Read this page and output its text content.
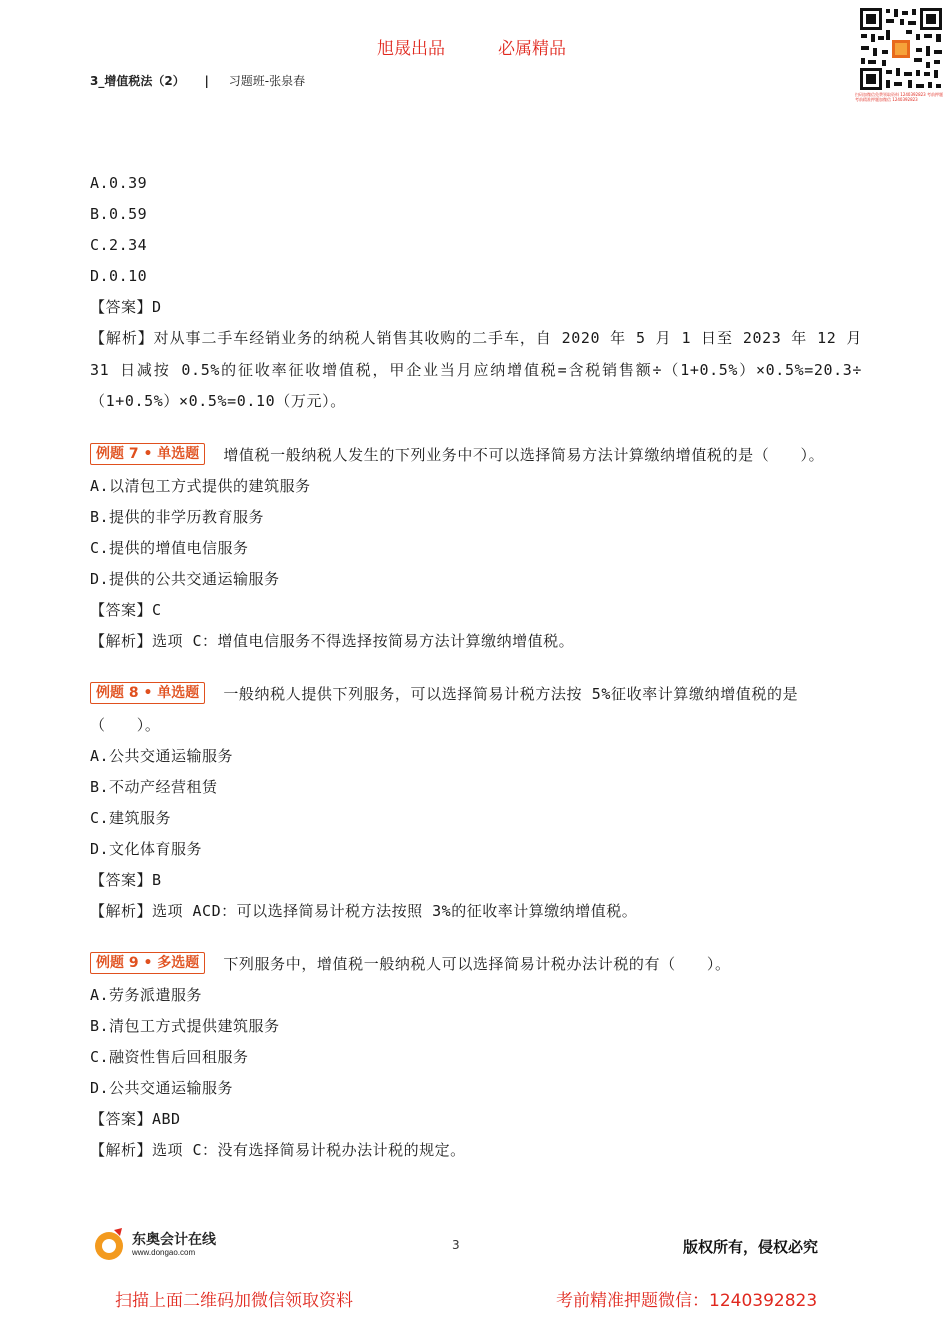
旭晟出品	必属精品
3_增值税法（2） | 习题班-张泉春
扫码加微信免费领取资料 1240392823 考前押题 考前精准押题加微信 1240392823
A.0.39
B.0.59
C.2.34
D.0.10
【答案】D
【解析】对从事二手车经销业务的纳税人销售其收购的二手车，自 2020 年 5 月 1 日至 2023 年 12 月 31 日减按 0.5%的征收率征收增值税，甲企业当月应纳增值税=含税销售额÷（1+0.5%）×0.5%=20.3÷（1+0.5%）×0.5%=0.10（万元）。
例题 7 • 单选题 增值税一般纳税人发生的下列业务中不可以选择简易方法计算缴纳增值税的是（　　）。
A.以清包工方式提供的建筑服务
B.提供的非学历教育服务
C.提供的增值电信服务
D.提供的公共交通运输服务
【答案】C
【解析】选项 C：增值电信服务不得选择按简易方法计算缴纳增值税。
例题 8 • 单选题 一般纳税人提供下列服务，可以选择简易计税方法按 5%征收率计算缴纳增值税的是（　　）。
A.公共交通运输服务
B.不动产经营租赁
C.建筑服务
D.文化体育服务
【答案】B
【解析】选项 ACD：可以选择简易计税方法按照 3%的征收率计算缴纳增值税。
例题 9 • 多选题 下列服务中，增值税一般纳税人可以选择简易计税办法计税的有（　　）。
A.劳务派遣服务
B.清包工方式提供建筑服务
C.融资性售后回租服务
D.公共交通运输服务
【答案】ABD
【解析】选项 C：没有选择简易计税办法计税的规定。
东奥会计在线
www.dongao.com
3	版权所有，侵权必究
扫描上面二维码加微信领取资料	考前精准押题微信：1240392823
